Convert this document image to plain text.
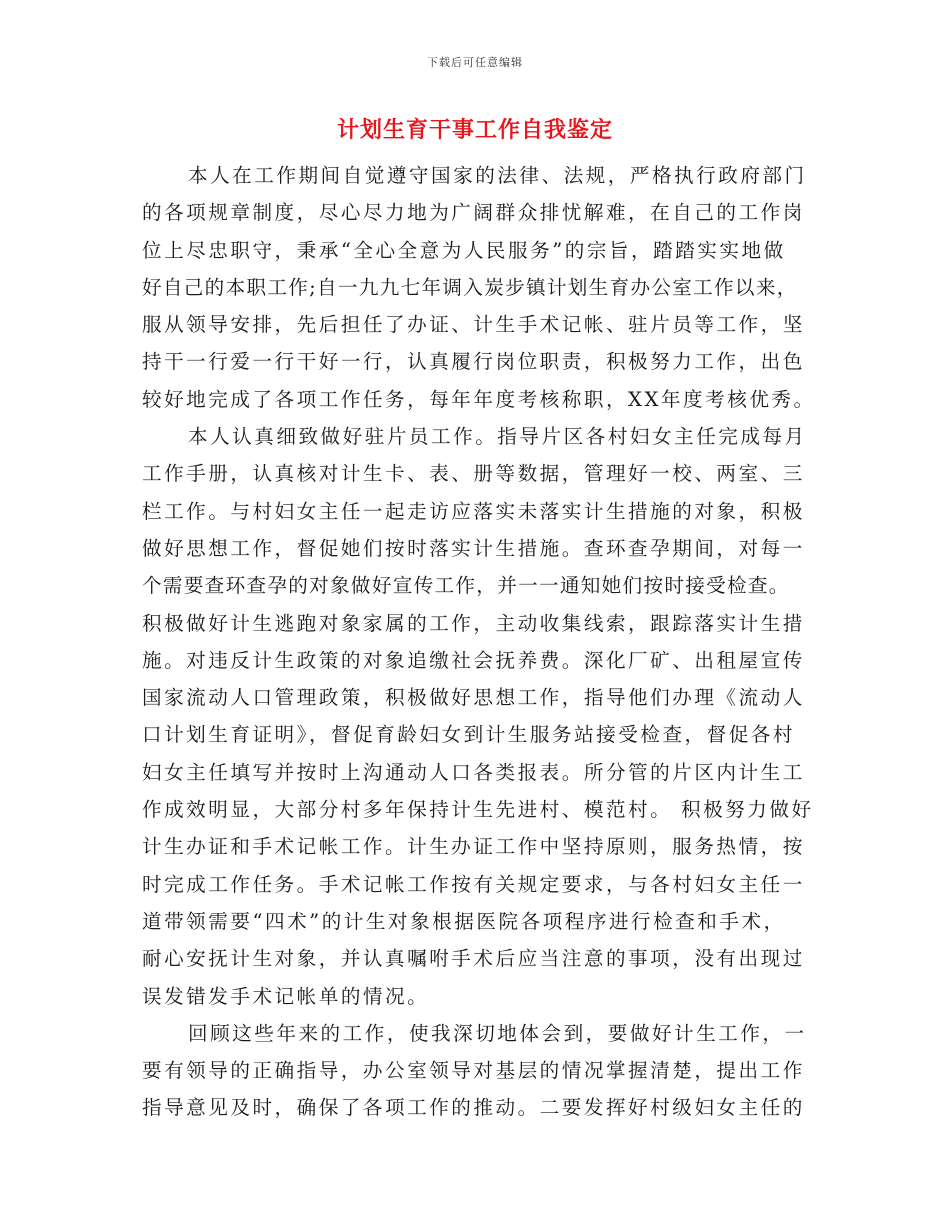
下载后可任意编辑
计划生育干事工作自我鉴定
本人在工作期间自觉遵守国家的法律、法规，严格执行政府部门
的各项规章制度，尽心尽力地为广阔群众排忧解难，在自己的工作岗
位上尽忠职守，秉承“全心全意为人民服务”的宗旨，踏踏实实地做
好自己的本职工作;自一九九七年调入炭步镇计划生育办公室工作以来，
服从领导安排，先后担任了办证、计生手术记帐、驻片员等工作，坚
持干一行爱一行干好一行，认真履行岗位职责，积极努力工作，出色
较好地完成了各项工作任务，每年年度考核称职，XX年度考核优秀。
本人认真细致做好驻片员工作。指导片区各村妇女主任完成每月
工作手册，认真核对计生卡、表、册等数据，管理好一校、两室、三
栏工作。与村妇女主任一起走访应落实未落实计生措施的对象，积极
做好思想工作，督促她们按时落实计生措施。查环查孕期间，对每一
个需要查环查孕的对象做好宣传工作，并一一通知她们按时接受检查。
积极做好计生逃跑对象家属的工作，主动收集线索，跟踪落实计生措
施。对违反计生政策的对象追缴社会抚养费。深化厂矿、出租屋宣传
国家流动人口管理政策，积极做好思想工作，指导他们办理《流动人
口计划生育证明》，督促育龄妇女到计生服务站接受检查，督促各村
妇女主任填写并按时上沟通动人口各类报表。所分管的片区内计生工
作成效明显，大部分村多年保持计生先进村、模范村。 积极努力做好
计生办证和手术记帐工作。计生办证工作中坚持原则，服务热情，按
时完成工作任务。手术记帐工作按有关规定要求，与各村妇女主任一
道带领需要“四术”的计生对象根据医院各项程序进行检查和手术，
耐心安抚计生对象，并认真嘱咐手术后应当注意的事项，没有出现过
误发错发手术记帐单的情况。
回顾这些年来的工作，使我深切地体会到，要做好计生工作，一
要有领导的正确指导，办公室领导对基层的情况掌握清楚，提出工作
指导意见及时，确保了各项工作的推动。二要发挥好村级妇女主任的
